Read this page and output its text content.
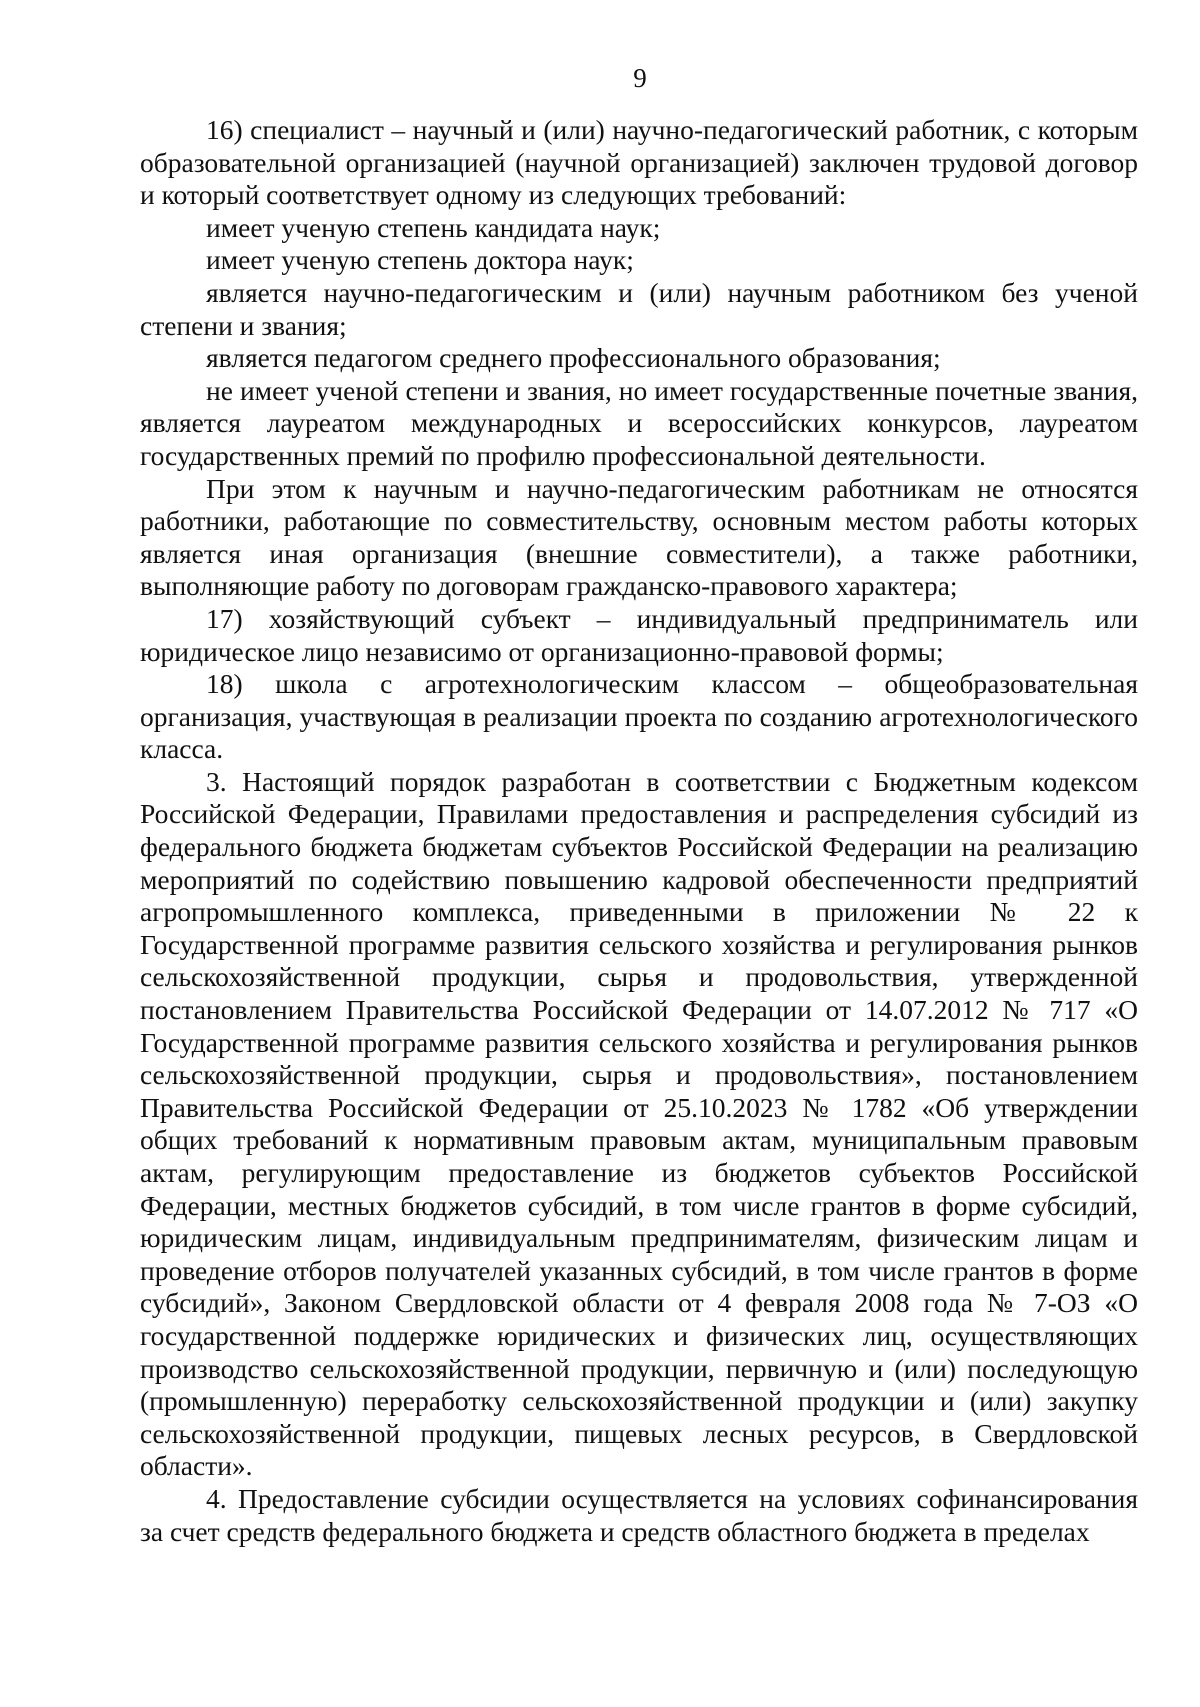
9

16) специалист – научный и (или) научно-педагогический работник, с которым образовательной организацией (научной организацией) заключен трудовой договор и который соответствует одному из следующих требований:

имеет ученую степень кандидата наук;

имеет ученую степень доктора наук;

является научно-педагогическим и (или) научным работником без ученой степени и звания;

является педагогом среднего профессионального образования;

не имеет ученой степени и звания, но имеет государственные почетные звания, является лауреатом международных и всероссийских конкурсов, лауреатом государственных премий по профилю профессиональной деятельности.

При этом к научным и научно-педагогическим работникам не относятся работники, работающие по совместительству, основным местом работы которых является иная организация (внешние совместители), а также работники, выполняющие работу по договорам гражданско-правового характера;

17) хозяйствующий субъект – индивидуальный предприниматель или юридическое лицо независимо от организационно-правовой формы;

18) школа с агротехнологическим классом – общеобразовательная организация, участвующая в реализации проекта по созданию агротехнологического класса.

3. Настоящий порядок разработан в соответствии с Бюджетным кодексом Российской Федерации, Правилами предоставления и распределения субсидий из федерального бюджета бюджетам субъектов Российской Федерации на реализацию мероприятий по содействию повышению кадровой обеспеченности предприятий агропромышленного комплекса, приведенными в приложении № 22 к Государственной программе развития сельского хозяйства и регулирования рынков сельскохозяйственной продукции, сырья и продовольствия, утвержденной постановлением Правительства Российской Федерации от 14.07.2012 № 717 «О Государственной программе развития сельского хозяйства и регулирования рынков сельскохозяйственной продукции, сырья и продовольствия», постановлением Правительства Российской Федерации от 25.10.2023 № 1782 «Об утверждении общих требований к нормативным правовым актам, муниципальным правовым актам, регулирующим предоставление из бюджетов субъектов Российской Федерации, местных бюджетов субсидий, в том числе грантов в форме субсидий, юридическим лицам, индивидуальным предпринимателям, физическим лицам и проведение отборов получателей указанных субсидий, в том числе грантов в форме субсидий», Законом Свердловской области от 4 февраля 2008 года № 7-ОЗ «О государственной поддержке юридических и физических лиц, осуществляющих производство сельскохозяйственной продукции, первичную и (или) последующую (промышленную) переработку сельскохозяйственной продукции и (или) закупку сельскохозяйственной продукции, пищевых лесных ресурсов, в Свердловской области».

4. Предоставление субсидии осуществляется на условиях софинансирования за счет средств федерального бюджета и средств областного бюджета в пределах
